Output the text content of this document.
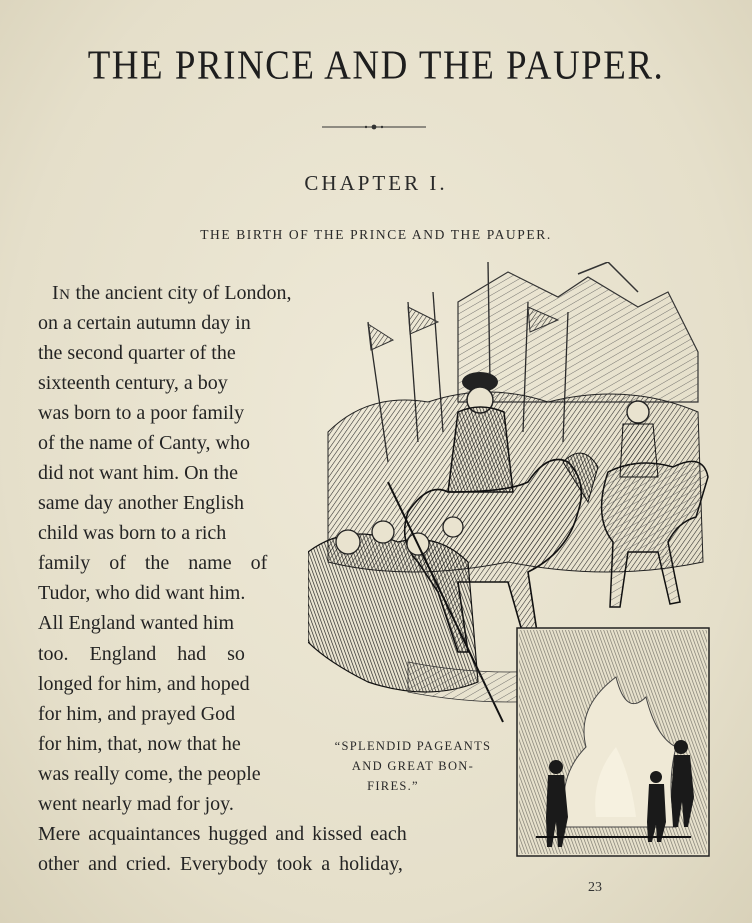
THE PRINCE AND THE PAUPER.
CHAPTER I.
THE BIRTH OF THE PRINCE AND THE PAUPER.
IN the ancient city of London,
on a certain autumn day in
the second quarter of the
sixteenth century, a boy
was born to a poor family
of the name of Canty, who
did not want him. On the
same day another English
child was born to a rich
family of the name of
Tudor, who did want him.
All England wanted him
too. England had so
longed for him, and hoped
for him, and prayed God
for him, that, now that he
was really come, the people
went nearly mad for joy.
Mere acquaintances hugged and kissed each
other and cried. Everybody took a holiday,
“SPLENDID PAGEANTS
AND GREAT BON-
FIRES.”
23
